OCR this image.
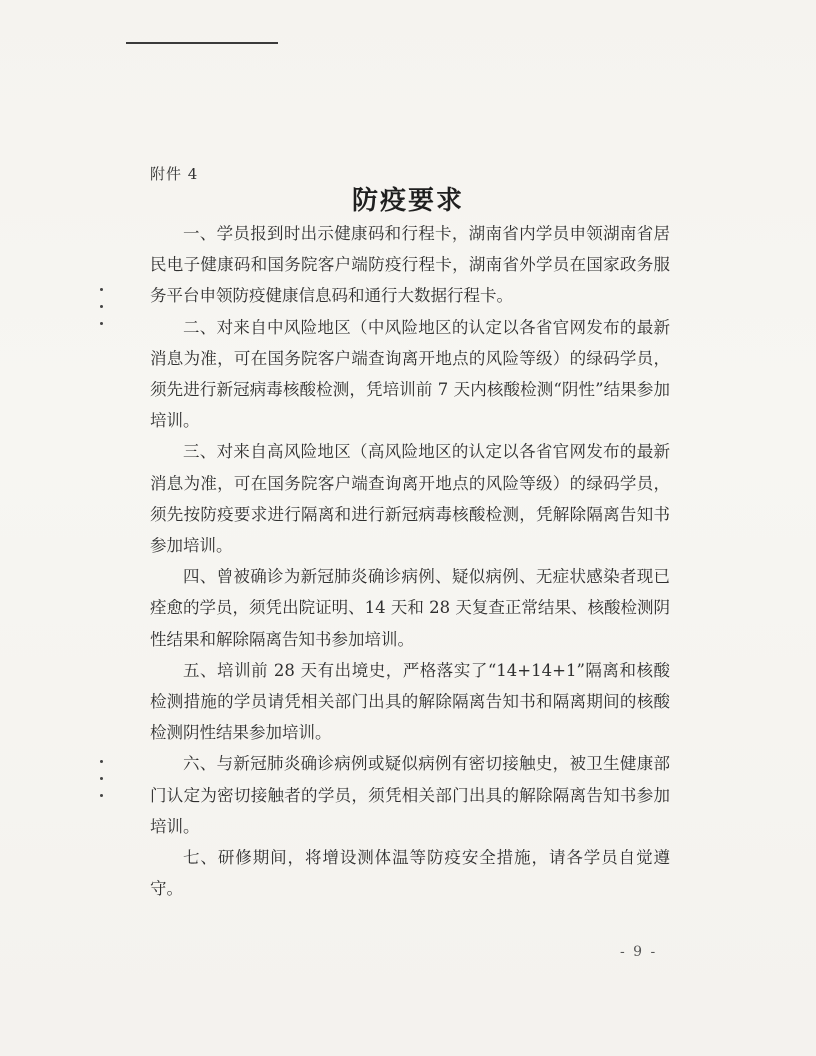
附件 4
防疫要求

一、学员报到时出示健康码和行程卡，湖南省内学员申领湖南省居民电子健康码和国务院客户端防疫行程卡，湖南省外学员在国家政务服务平台申领防疫健康信息码和通行大数据行程卡。

二、对来自中风险地区（中风险地区的认定以各省官网发布的最新消息为准，可在国务院客户端查询离开地点的风险等级）的绿码学员，须先进行新冠病毒核酸检测，凭培训前 7 天内核酸检测“阴性”结果参加培训。

三、对来自高风险地区（高风险地区的认定以各省官网发布的最新消息为准，可在国务院客户端查询离开地点的风险等级）的绿码学员，须先按防疫要求进行隔离和进行新冠病毒核酸检测，凭解除隔离告知书参加培训。

四、曾被确诊为新冠肺炎确诊病例、疑似病例、无症状感染者现已痊愈的学员，须凭出院证明、14 天和 28 天复查正常结果、核酸检测阴性结果和解除隔离告知书参加培训。

五、培训前 28 天有出境史，严格落实了“14+14+1”隔离和核酸检测措施的学员请凭相关部门出具的解除隔离告知书和隔离期间的核酸检测阴性结果参加培训。

六、与新冠肺炎确诊病例或疑似病例有密切接触史，被卫生健康部门认定为密切接触者的学员，须凭相关部门出具的解除隔离告知书参加培训。

七、研修期间，将增设测体温等防疫安全措施，请各学员自觉遵守。

- 9 -
